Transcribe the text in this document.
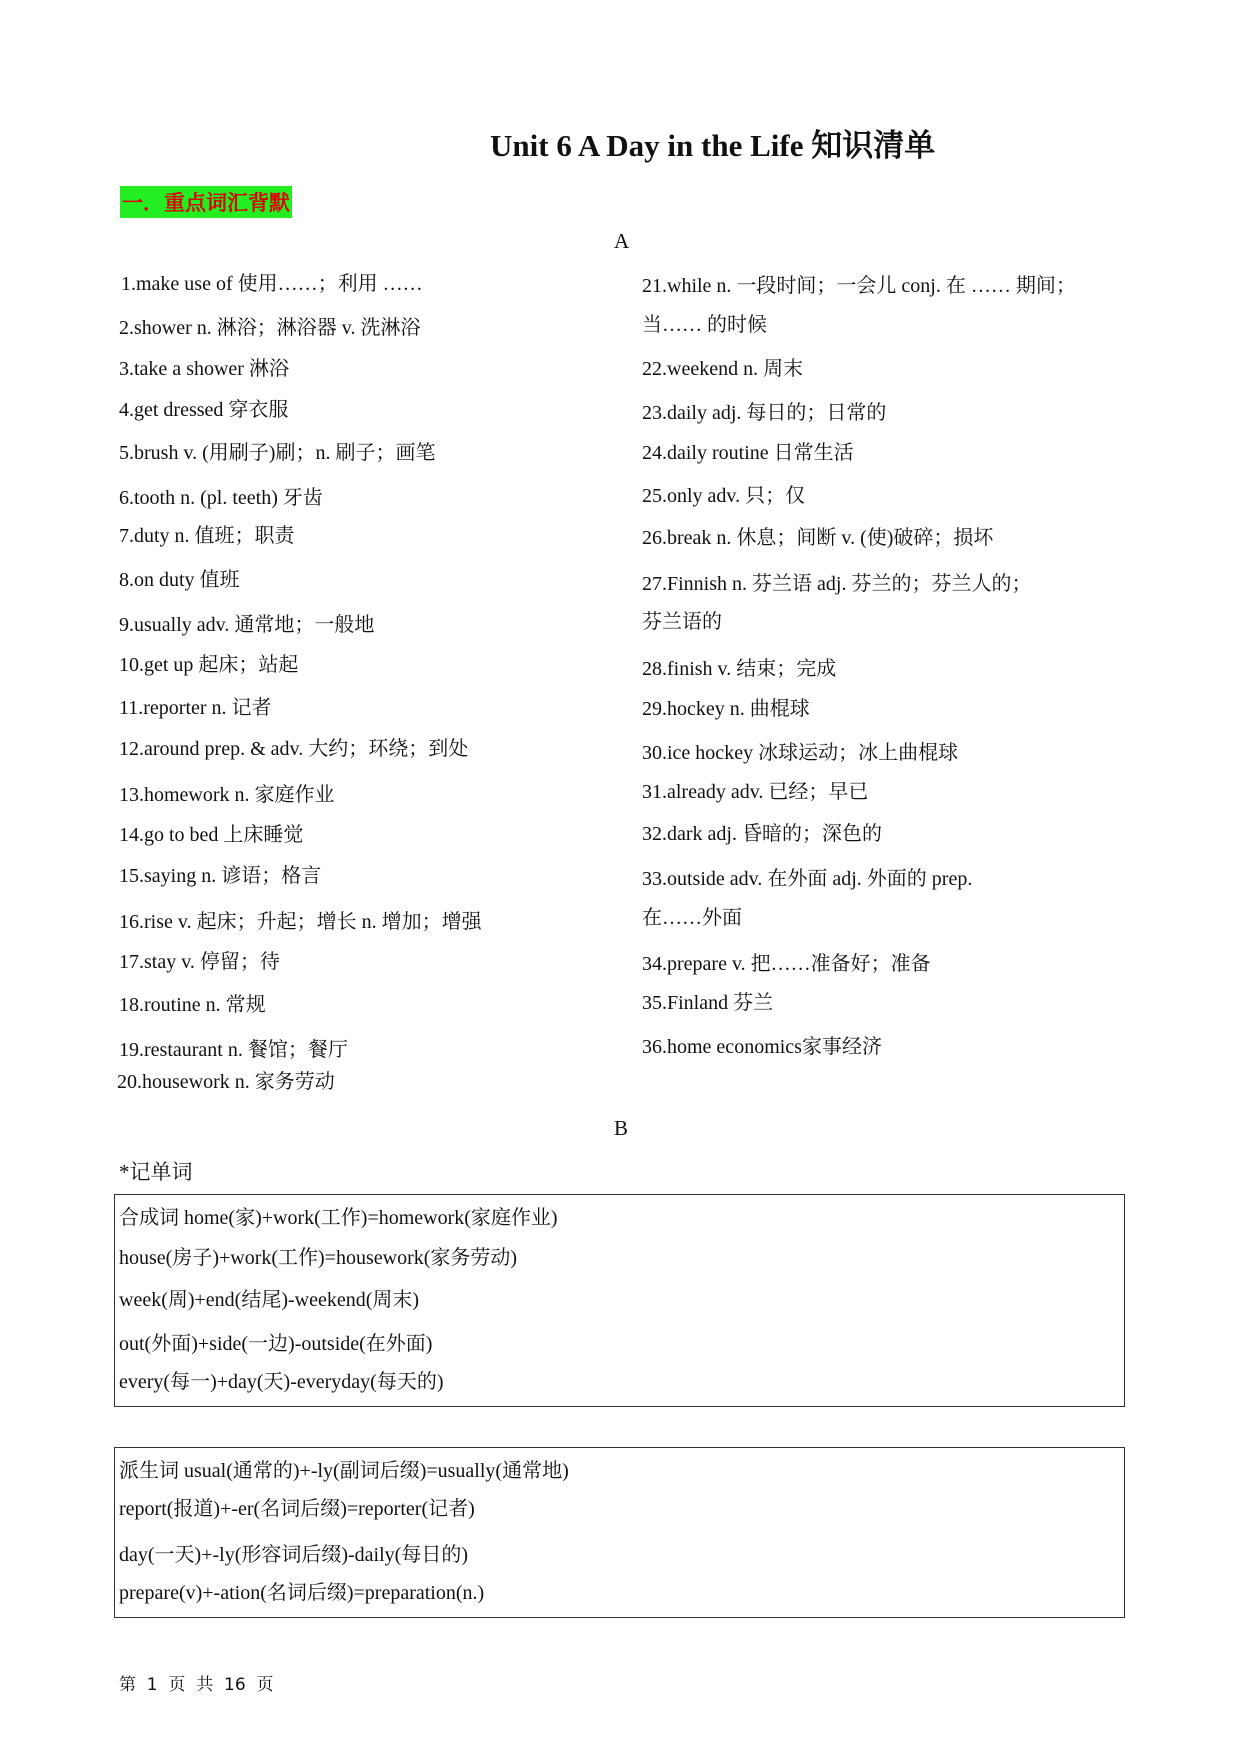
Unit 6 A Day in the Life 知识清单
一．重点词汇背默
A
1.make use of 使用……；利用 ……
2.shower n. 淋浴；淋浴器 v. 洗淋浴
3.take a shower 淋浴
4.get dressed 穿衣服
5.brush v. (用刷子)刷；n. 刷子；画笔
6.tooth n. (pl. teeth) 牙齿
7.duty n. 值班；职责
8.on duty 值班
9.usually adv. 通常地；一般地
10.get up 起床；站起
11.reporter n. 记者
12.around prep. & adv. 大约；环绕；到处
13.homework n. 家庭作业
14.go to bed 上床睡觉
15.saying n. 谚语；格言
16.rise v. 起床；升起；增长 n. 增加；增强
17.stay v. 停留；待
18.routine n. 常规
19.restaurant n. 餐馆；餐厅
20.housework n. 家务劳动
21.while n. 一段时间；一会儿 conj. 在 …… 期间；
当…… 的时候
22.weekend n. 周末
23.daily adj. 每日的；日常的
24.daily routine 日常生活
25.only adv. 只；仅
26.break n. 休息；间断 v. (使)破碎；损坏
27.Finnish n. 芬兰语 adj. 芬兰的；芬兰人的；
芬兰语的
28.finish v. 结束；完成
29.hockey n. 曲棍球
30.ice hockey 冰球运动；冰上曲棍球
31.already adv. 已经；早已
32.dark adj. 昏暗的；深色的
33.outside adv. 在外面 adj. 外面的 prep.
在……外面
34.prepare v. 把……准备好；准备
35.Finland 芬兰
36.home economics家事经济
B
*记单词
合成词 home(家)+work(工作)=homework(家庭作业)
house(房子)+work(工作)=housework(家务劳动)
week(周)+end(结尾)-weekend(周末)
out(外面)+side(一边)-outside(在外面)
every(每一)+day(天)-everyday(每天的)
派生词 usual(通常的)+-ly(副词后缀)=usually(通常地)
report(报道)+-er(名词后缀)=reporter(记者)
day(一天)+-ly(形容词后缀)-daily(每日的)
prepare(v)+-ation(名词后缀)=preparation(n.)
第  1  页  共  16  页
